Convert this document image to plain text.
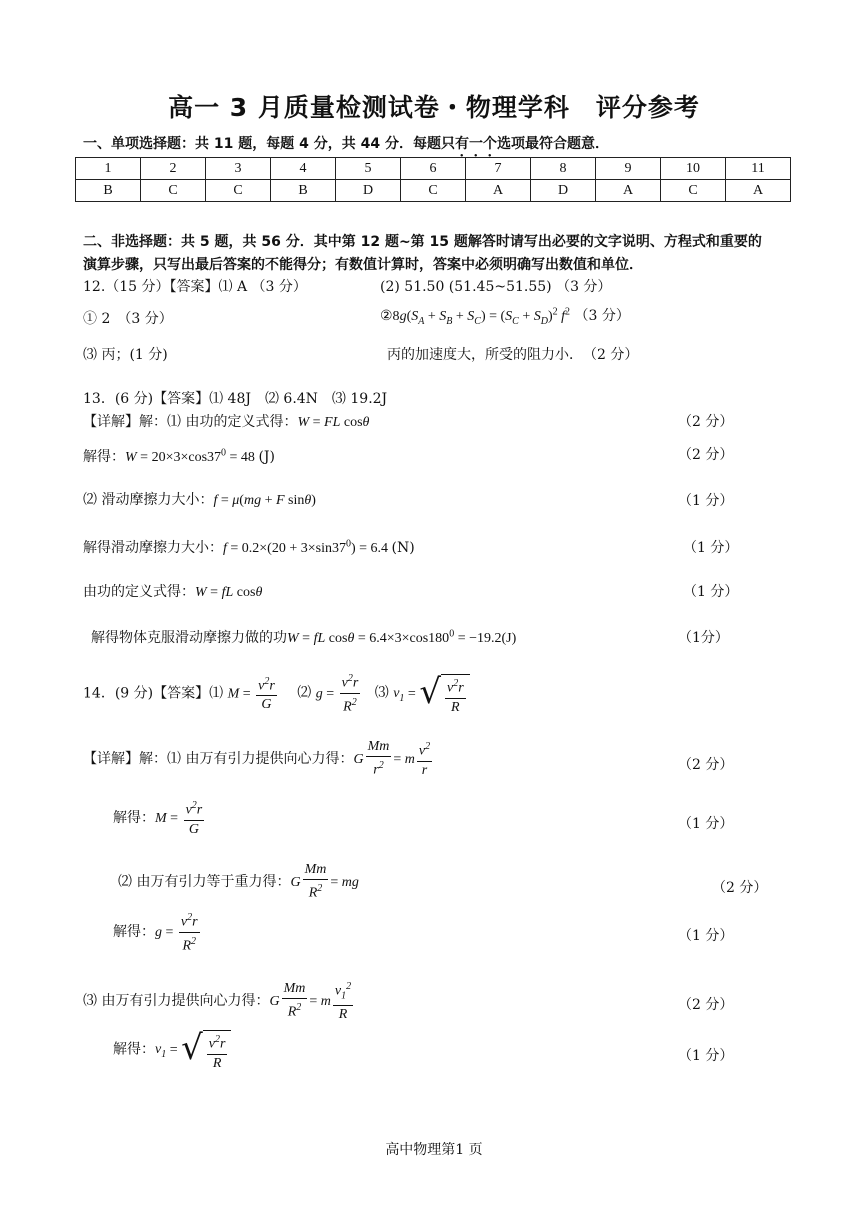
高一 3 月质量检测试卷・物理学科　评分参考
一、单项选择题：共 11 题，每题 4 分，共 44 分．每题只有一个选项最符合题意．
1	2	3	4	5	6	7	8	9	10	11
B	C	C	B	D	C	A	D	A	C	A
二、非选择题：共 5 题，共 56 分．其中第 12 题~第 15 题解答时请写出必要的文字说明、方程式和重要的
演算步骤，只写出最后答案的不能得分；有数值计算时，答案中必须明确写出数值和单位．
12.（15 分）【答案】⑴ A （3 分）	(2) 51.50 (51.45~51.55) （3 分）
① 2　（3 分）	$②8g(S_A + S_B + S_C) = (S_C + S_D)^2$ $f^2$ （3 分）
⑶ 丙；(1 分)	丙的加速度大，所受的阻力小．　（2 分）
13．(6 分)【答案】⑴ 48J　⑵ 6.4N　⑶ 19.2J
【详解】解：⑴ 由功的定义式得：W = FL cosθ	（2 分）
解得：$W = 20\times 3\times\cos 37^0 = 48$ (J)	（2 分）
⑵ 滑动摩擦力大小：f = μ(mg + F sinθ)	（1 分）
解得滑动摩擦力大小：$f = 0.2\times(20 + 3\times\sin 37^0) = 6.4$ (N)	（1 分）
由功的定义式得：W = fL cosθ	（1 分）
解得物体克服滑动摩擦力做的功W = fL $\cos\theta = 6.4\times 3\times\cos 180^0 = -19.2(J)$	（1分）
14．(9 分)【答案】⑴ $M = \frac{v^2r}{G}$ ⑵ $g = \frac{v^2r}{R^2}$ ⑶ $v_1$ = √ $\frac{v^2r}{R}$
【详解】解：⑴ 由万有引力提供向心力得：G $\frac{Mm}{r^2} = m \frac{v^2}{r}$	（2 分）
解得：$M = \frac{v^2r}{G}$	（1 分）
⑵ 由万有引力等于重力得：G $\frac{Mm}{R^2}$ = mg	（2 分）
解得：$g = \frac{v^2r}{R^2}$	（1 分）
⑶ 由万有引力提供向心力得：G $\frac{Mm}{R^2} = m \frac{v_1^2}{R}$	（2 分）
解得：$v_1$ = √ $\frac{v^2r}{R}$	（1 分）
高中物理第1 页
